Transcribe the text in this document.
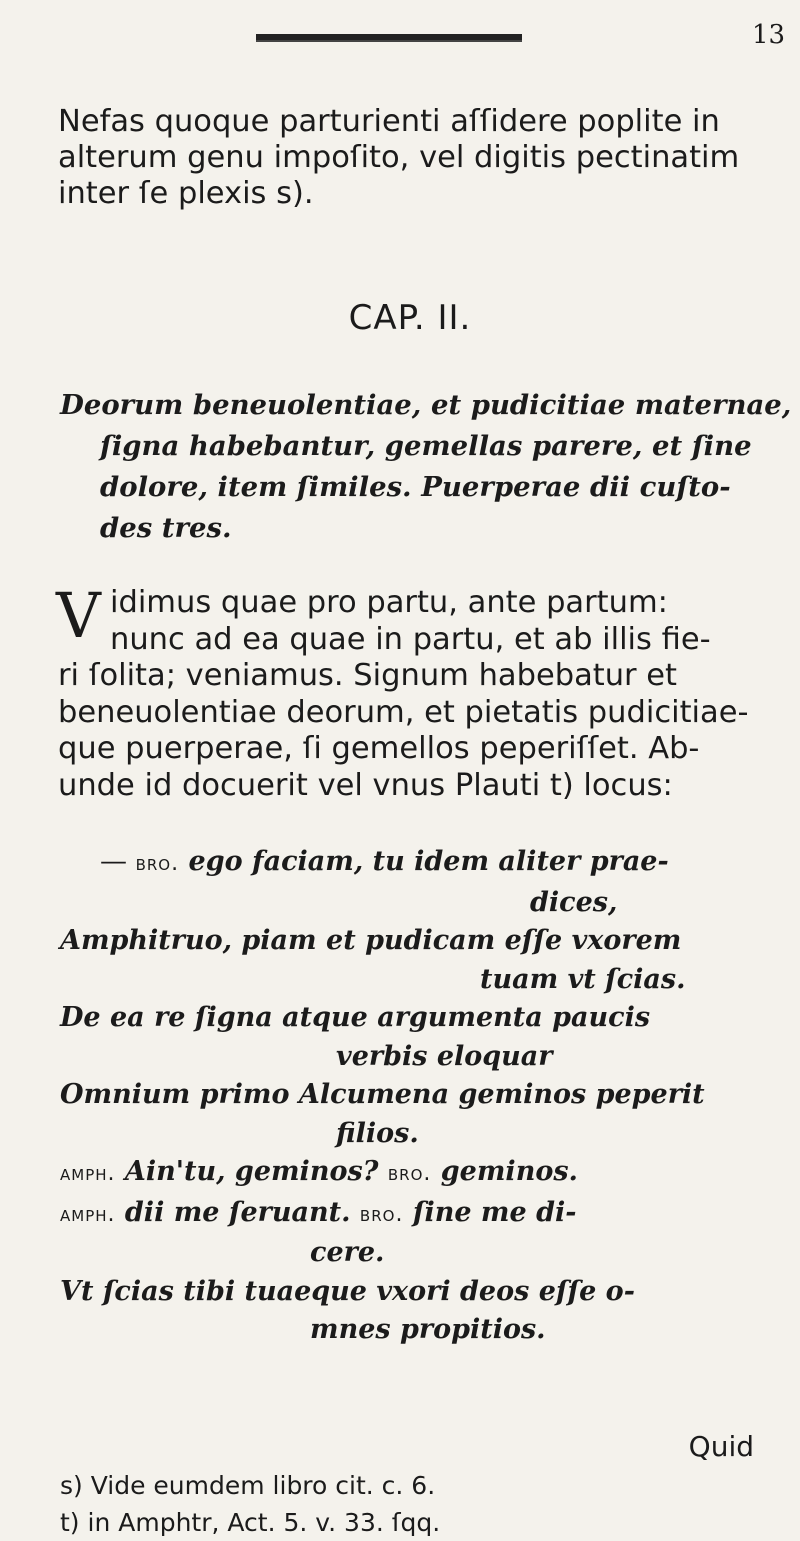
13
Nefas quoque parturienti aſſidere poplite in
alterum genu impoſito, vel digitis pectinatim
inter ſe plexis s).
CAP. II.
Deorum beneuolentiae, et pudicitiae maternae,
ſigna habebantur, gemellas parere, et ſine
dolore, item ſimiles. Puerperae dii cuſto-
des tres.
V idimus quae pro partu, ante partum:
nunc ad ea quae in partu, et ab illis fie-
ri ſolita; veniamus. Signum habebatur et
beneuolentiae deorum, et pietatis pudicitiae-
que puerperae, ſi gemellos peperiſſet. Ab-
unde id docuerit vel vnus Plauti t) locus:
— bro. ego faciam, tu idem aliter prae-
dices,
Amphitruo, piam et pudicam eſſe vxorem
tuam vt ſcias.
De ea re ſigna atque argumenta paucis
verbis eloquar
Omnium primo Alcumena geminos peperit
filios.
amph. Ain'tu, geminos? bro. geminos.
amph. dii me ſeruant. bro. ſine me di-
cere.
Vt ſcias tibi tuaeque vxori deos eſſe o-
mnes propitios.
Quid
s) Vide eumdem libro cit. c. 6.
t) in Amphtr, Act. 5. v. 33. ſqq.
